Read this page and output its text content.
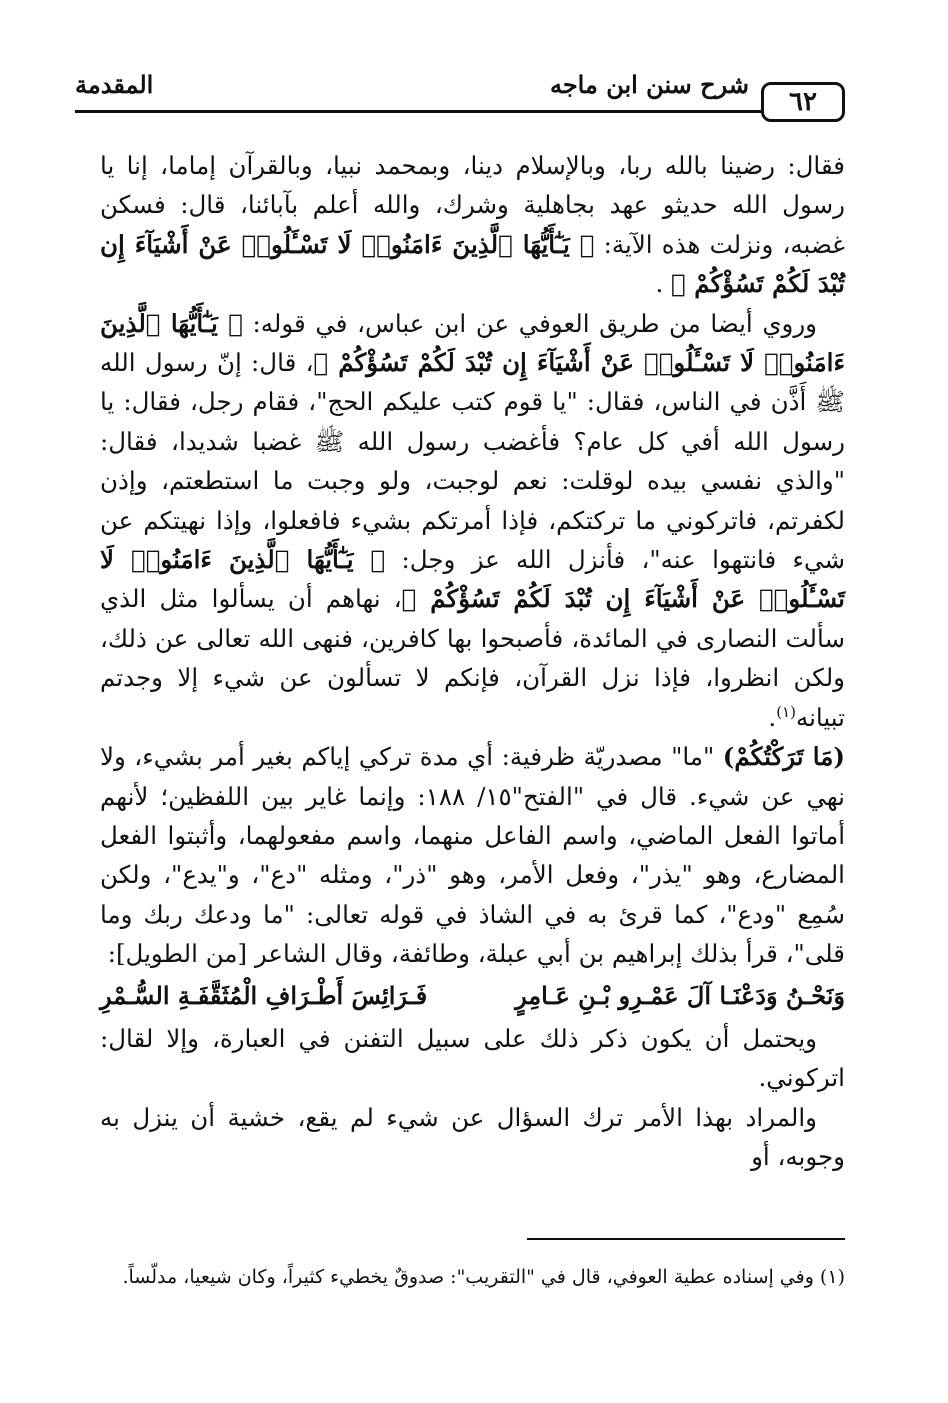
٦٢
شرح سنن ابن ماجه
المقدمة

فقال: رضينا بالله ربا، وبالإسلام دينا، وبمحمد نبيا، وبالقرآن إماما، إنا يا رسول الله حديثو عهد بجاهلية وشرك، والله أعلم بآبائنا، قال: فسكن غضبه، ونزلت هذه الآية: ﴿ يَـٰٓأَيُّهَا ٱلَّذِينَ ءَامَنُوا۟ لَا تَسْـَٔلُوا۟ عَنْ أَشْيَآءَ إِن تُبْدَ لَكُمْ تَسُؤْكُمْ ﴾ .

وروي أيضا من طريق العوفي عن ابن عباس، في قوله: ﴿ يَـٰٓأَيُّهَا ٱلَّذِينَ ءَامَنُوا۟ لَا تَسْـَٔلُوا۟ عَنْ أَشْيَآءَ إِن تُبْدَ لَكُمْ تَسُؤْكُمْ ﴾، قال: إنّ رسول الله ﷺ أَذَّن في الناس، فقال: "يا قوم كتب عليكم الحج"، فقام رجل، فقال: يا رسول الله أفي كل عام؟ فأغضب رسول الله ﷺ غضبا شديدا، فقال: "والذي نفسي بيده لوقلت: نعم لوجبت، ولو وجبت ما استطعتم، وإذن لكفرتم، فاتركوني ما تركتكم، فإذا أمرتكم بشيء فافعلوا، وإذا نهيتكم عن شيء فانتهوا عنه"، فأنزل الله عز وجل: ﴿ يَـٰٓأَيُّهَا ٱلَّذِينَ ءَامَنُوا۟ لَا تَسْـَٔلُوا۟ عَنْ أَشْيَآءَ إِن تُبْدَ لَكُمْ تَسُؤْكُمْ ﴾، نهاهم أن يسألوا مثل الذي سألت النصارى في المائدة، فأصبحوا بها كافرين، فنهى الله تعالى عن ذلك، ولكن انظروا، فإذا نزل القرآن، فإنكم لا تسألون عن شيء إلا وجدتم تبيانه$^{(١)}$.

(مَا تَرَكْتُكُمْ) "ما" مصدريّة ظرفية: أي مدة تركي إياكم بغير أمر بشيء، ولا نهي عن شيء. قال في "الفتح"١٥/ ١٨٨: وإنما غاير بين اللفظين؛ لأنهم أماتوا الفعل الماضي، واسم الفاعل منهما، واسم مفعولهما، وأثبتوا الفعل المضارع، وهو "يذر"، وفعل الأمر، وهو "ذر"، ومثله "دع"، و"يدع"، ولكن سُمِع "ودع"، كما قرئ به في الشاذ في قوله تعالى: "ما ودعك ربك وما قلى"، قرأ بذلك إبراهيم بن أبي عبلة، وطائفة، وقال الشاعر [من الطويل]:

وَنَحْـنُ وَدَعْنَـا آلَ عَمْـرِو بْـنِ عَـامِرٍ
فَـرَائِسَ أَطْـرَافِ الْمُثَقَّفَـةِ السُّـمْرِ

ويحتمل أن يكون ذكر ذلك على سبيل التفنن في العبارة، وإلا لقال: اتركوني.

والمراد بهذا الأمر ترك السؤال عن شيء لم يقع، خشية أن ينزل به وجوبه، أو

(١) وفي إسناده عطية العوفي، قال في "التقريب": صدوقٌ يخطيء كثيراً، وكان شيعيا، مدلّساً.
